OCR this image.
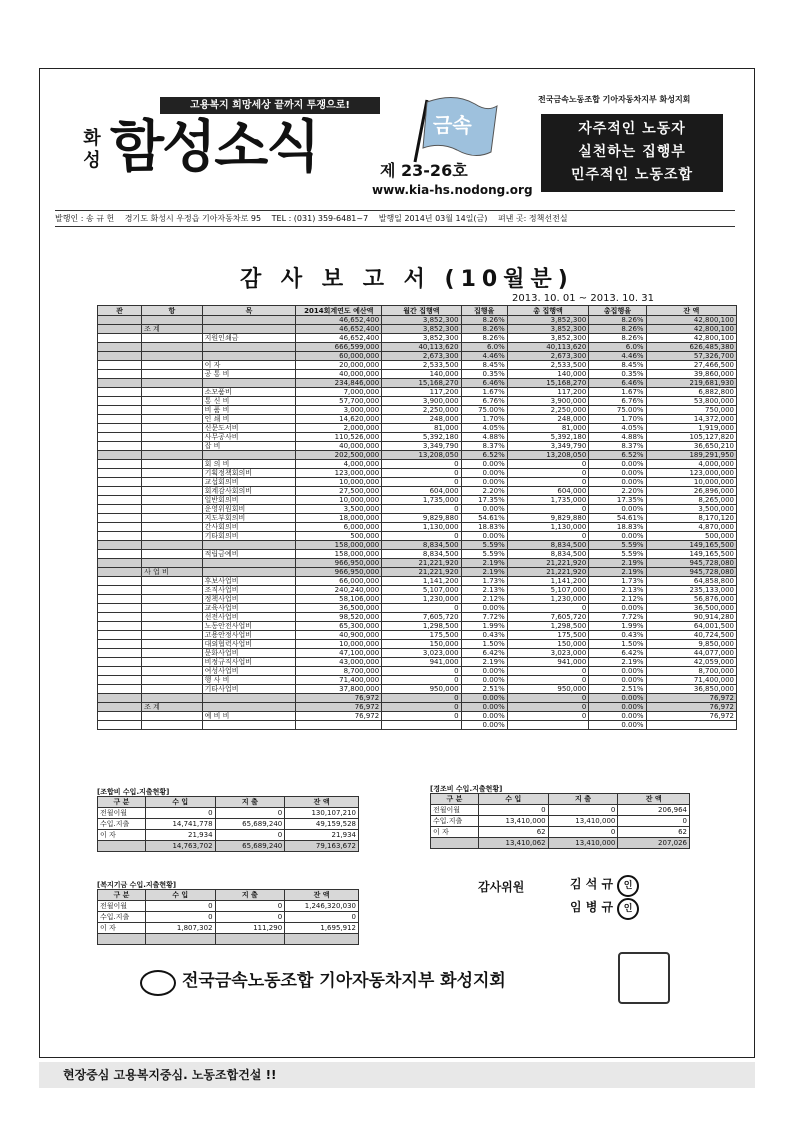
고용복지 희망세상 끝까지 투쟁으로!
화성 함성소식	금속
제 23-26호
www.kia-hs.nodong.org
전국금속노동조합 기아자동차지부 화성지회
자주적인 노동자
실천하는 집행부
민주적인 노동조합
발행인 : 송 규 헌 경기도 화성시 우정읍 기아자동차로 95 TEL : (031) 359-6481~7 발행일 2014년 03월 14일(금) 펴낸 곳: 정책선전실
감 사 보 고 서 (10월분)
2013. 10. 01 ~ 2013. 10. 31
관	항	목	2014회계연도 예산액	월간 집행액	집행율	총 집행액	총집행율	잔 액
			46,652,400	3,852,300	8.26%	3,852,300	8.26%	42,800,100
	조 계		46,652,400	3,852,300	8.26%	3,852,300	8.26%	42,800,100
		지원인쇄금	46,652,400	3,852,300	8.26%	3,852,300	8.26%	42,800,100
			666,599,000	40,113,620	6.0%	40,113,620	6.0%	626,485,380
			60,000,000	2,673,300	4.46%	2,673,300	4.46%	57,326,700
		이 자	20,000,000	2,533,500	8.45%	2,533,500	8.45%	27,466,500
		공 통 비	40,000,000	140,000	0.35%	140,000	0.35%	39,860,000
			234,846,000	15,168,270	6.46%	15,168,270	6.46%	219,681,930
		소모품비	7,000,000	117,200	1.67%	117,200	1.67%	6,882,800
		통 신 비	57,700,000	3,900,000	6.76%	3,900,000	6.76%	53,800,000
		비 품 비	3,000,000	2,250,000	75.00%	2,250,000	75.00%	750,000
		인 쇄 비	14,620,000	248,000	1.70%	248,000	1.70%	14,372,000
		신문도서비	2,000,000	81,000	4.05%	81,000	4.05%	1,919,000
		사무공사비	110,526,000	5,392,180	4.88%	5,392,180	4.88%	105,127,820
		잡 비	40,000,000	3,349,790	8.37%	3,349,790	8.37%	36,650,210
			202,500,000	13,208,050	6.52%	13,208,050	6.52%	189,291,950
		회 의 비	4,000,000	0	0.00%	0	0.00%	4,000,000
		기획정책회의비	123,000,000	0	0.00%	0	0.00%	123,000,000
		교섭회의비	10,000,000	0	0.00%	0	0.00%	10,000,000
		회계감사회의비	27,500,000	604,000	2.20%	604,000	2.20%	26,896,000
		일반회의비	10,000,000	1,735,000	17.35%	1,735,000	17.35%	8,265,000
		운영위원회비	3,500,000	0	0.00%	0	0.00%	3,500,000
		지도부회의비	18,000,000	9,829,880	54.61%	9,829,880	54.61%	8,170,120
		간사회의비	6,000,000	1,130,000	18.83%	1,130,000	18.83%	4,870,000
		기타회의비	500,000	0	0.00%	0	0.00%	500,000
			158,000,000	8,834,500	5.59%	8,834,500	5.59%	149,165,500
		적립금예비	158,000,000	8,834,500	5.59%	8,834,500	5.59%	149,165,500
			966,950,000	21,221,920	2.19%	21,221,920	2.19%	945,728,080
	사 업 비		966,950,000	21,221,920	2.19%	21,221,920	2.19%	945,728,080
		후보사업비	66,000,000	1,141,200	1.73%	1,141,200	1.73%	64,858,800
		조직사업비	240,240,000	5,107,000	2.13%	5,107,000	2.13%	235,133,000
		정책사업비	58,106,000	1,230,000	2.12%	1,230,000	2.12%	56,876,000
		교육사업비	36,500,000	0	0.00%	0	0.00%	36,500,000
		선전사업비	98,520,000	7,605,720	7.72%	7,605,720	7.72%	90,914,280
		노동안전사업비	65,300,000	1,298,500	1.99%	1,298,500	1.99%	64,001,500
		고용안정사업비	40,900,000	175,500	0.43%	175,500	0.43%	40,724,500
		대외협력사업비	10,000,000	150,000	1.50%	150,000	1.50%	9,850,000
		문화사업비	47,100,000	3,023,000	6.42%	3,023,000	6.42%	44,077,000
		비정규직사업비	43,000,000	941,000	2.19%	941,000	2.19%	42,059,000
		여성사업비	8,700,000	0	0.00%	0	0.00%	8,700,000
		행 사 비	71,400,000	0	0.00%	0	0.00%	71,400,000
		기타사업비	37,800,000	950,000	2.51%	950,000	2.51%	36,850,000
			76,972	0	0.00%	0	0.00%	76,972
	조 계		76,972	0	0.00%	0	0.00%	76,972
		예 비 비	76,972	0	0.00%	0	0.00%	76,972
					0.00%		0.00%	
[조합비 수입.지출현황]
구 분	수 입	지 출	잔 액
전월이월	0	0	130,107,210
수입.지출	14,741,778	65,689,240	49,159,528
이 자	21,934	0	21,934
	14,763,702	65,689,240	79,163,672
[경조비 수입.지출현황]
구 분	수 입	지 출	잔 액
전월이월	0	0	206,964
수입.지출	13,410,000	13,410,000	0
이 자	62	0	62
	13,410,062	13,410,000	207,026
[복지기금 수입.지출현황]
구 분	수 입	지 출	잔 액
전월이월	0	0	1,246,320,030
수입.지출	0	0	0
이 자	1,807,302	111,290	1,695,912

감사위원	김 석 규 인
임 병 규 인
전국금속노동조합 기아자동차지부 화성지회
현장중심 고용복지중심. 노동조합건설 !!
